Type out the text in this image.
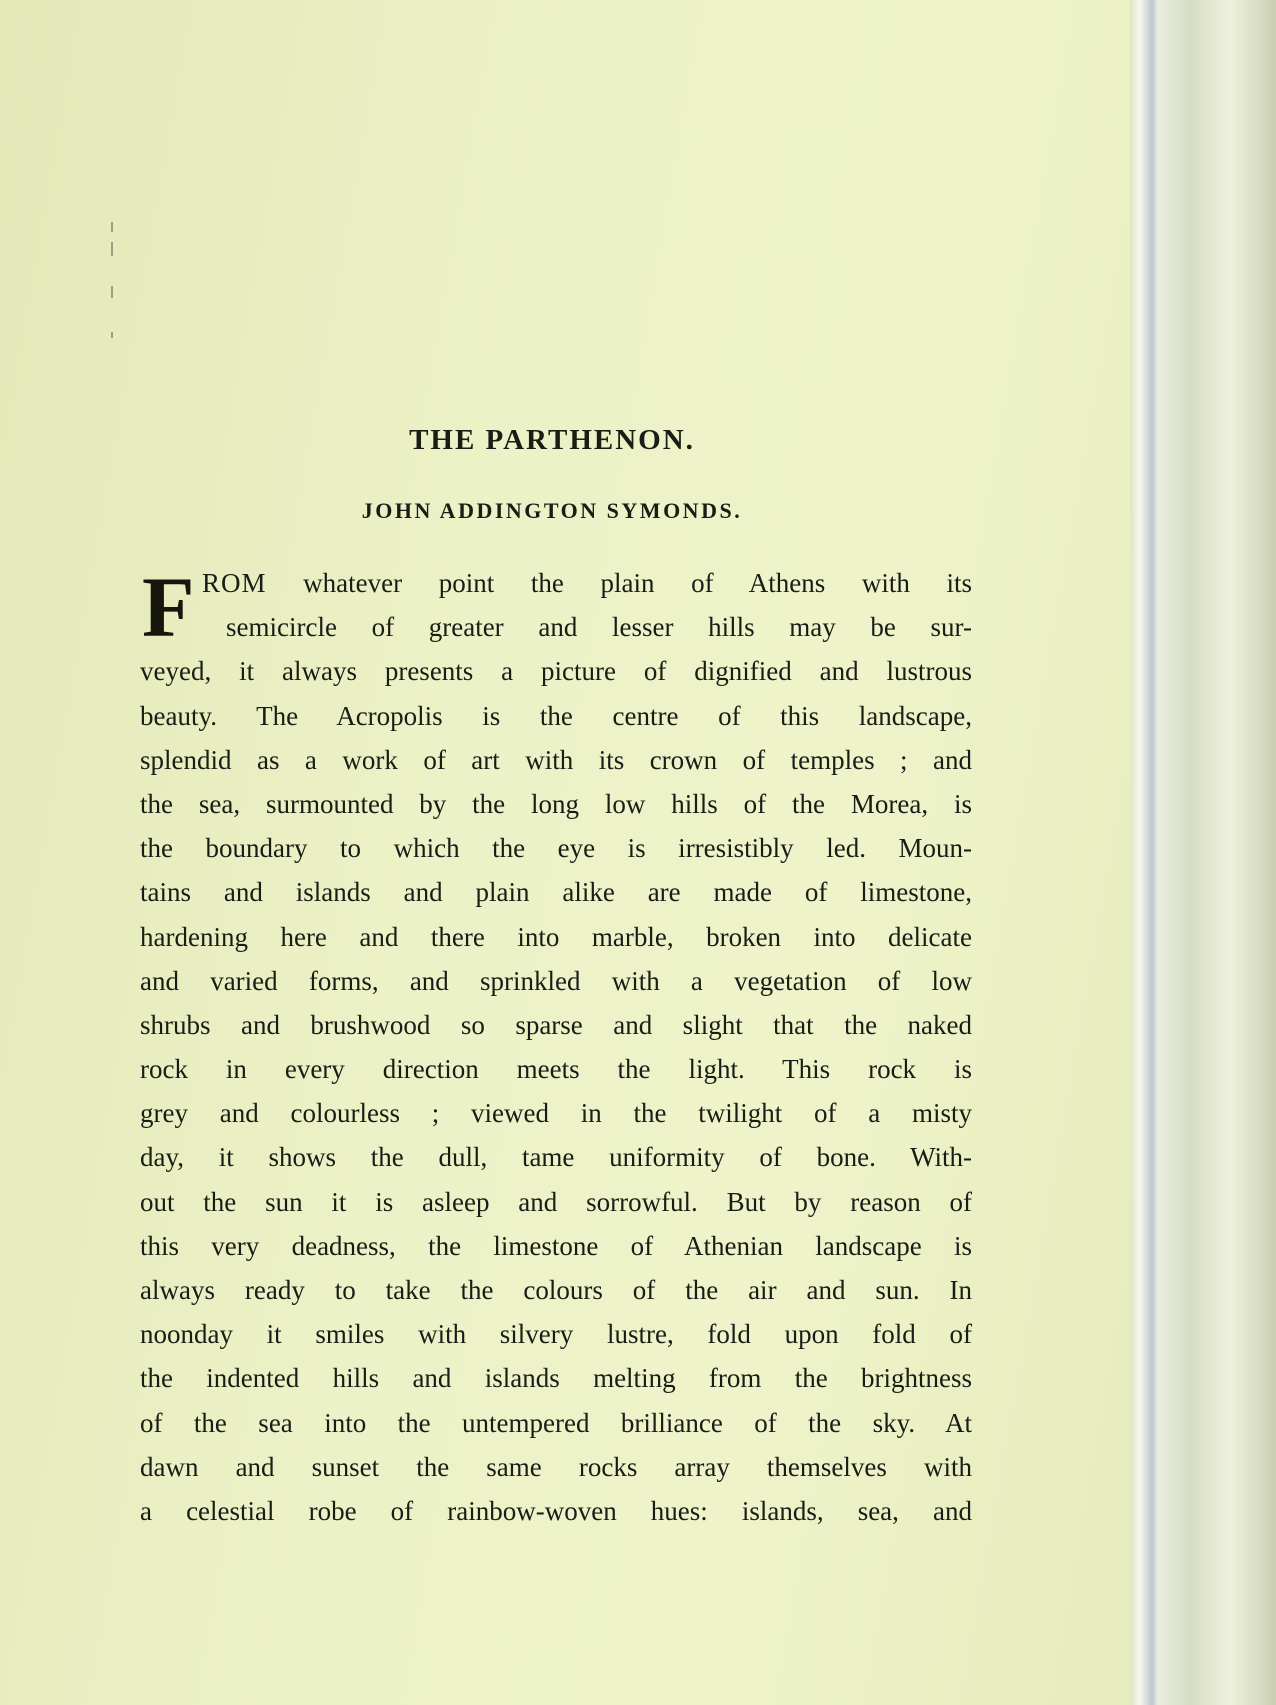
THE PARTHENON.
JOHN ADDINGTON SYMONDS.
F ROM whatever point the plain of Athens with its
semicircle of greater and lesser hills may be sur-
veyed, it always presents a picture of dignified and lustrous
beauty. The Acropolis is the centre of this landscape,
splendid as a work of art with its crown of temples ; and
the sea, surmounted by the long low hills of the Morea, is
the boundary to which the eye is irresistibly led. Moun-
tains and islands and plain alike are made of limestone,
hardening here and there into marble, broken into delicate
and varied forms, and sprinkled with a vegetation of low
shrubs and brushwood so sparse and slight that the naked
rock in every direction meets the light. This rock is
grey and colourless ; viewed in the twilight of a misty
day, it shows the dull, tame uniformity of bone. With-
out the sun it is asleep and sorrowful. But by reason of
this very deadness, the limestone of Athenian landscape is
always ready to take the colours of the air and sun. In
noonday it smiles with silvery lustre, fold upon fold of
the indented hills and islands melting from the brightness
of the sea into the untempered brilliance of the sky. At
dawn and sunset the same rocks array themselves with
a celestial robe of rainbow-woven hues: islands, sea, and
